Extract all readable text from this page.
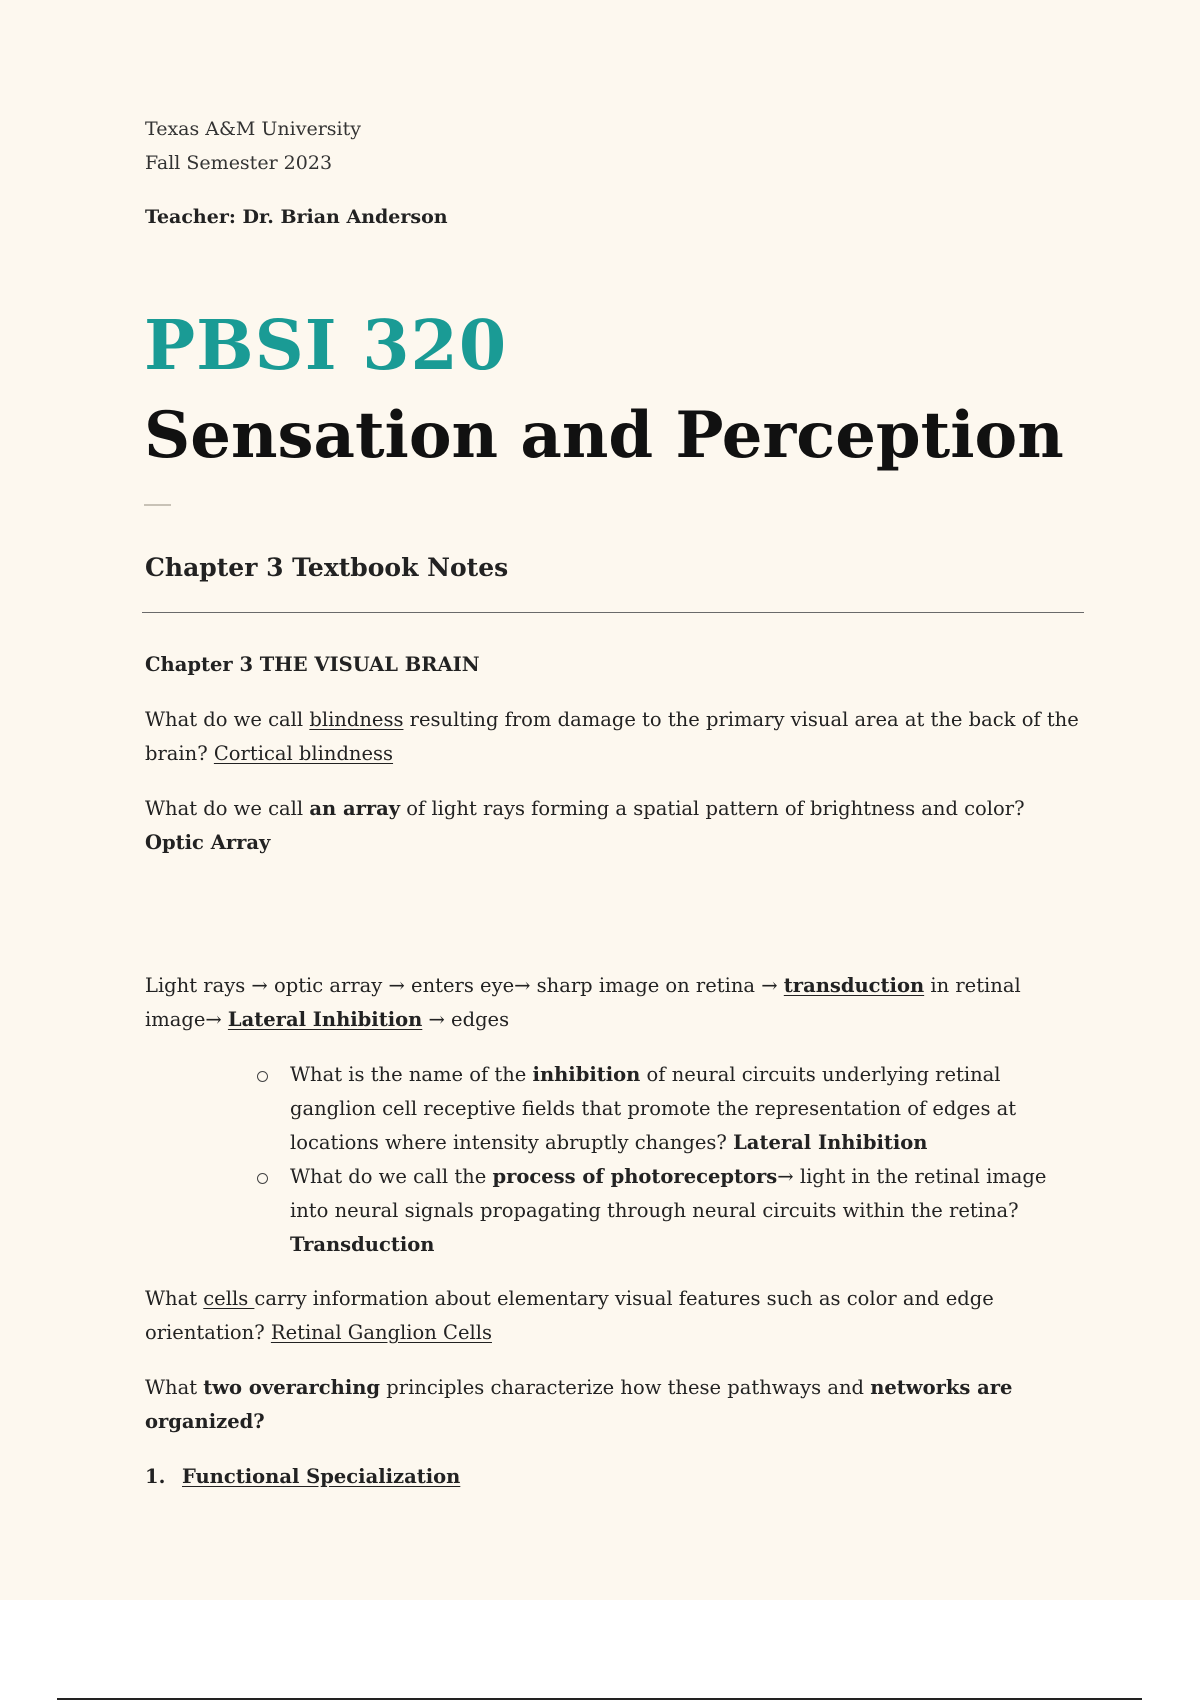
Texas A&M University
Fall Semester 2023
Teacher: Dr. Brian Anderson
PBSI 320
Sensation and Perception
Chapter 3 Textbook Notes

Chapter 3 THE VISUAL BRAIN

What do we call blindness resulting from damage to the primary visual area at the back of the brain? Cortical blindness

What do we call an array of light rays forming a spatial pattern of brightness and color? Optic Array

Light rays → optic array → enters eye→ sharp image on retina → transduction in retinal image→ Lateral Inhibition → edges

What is the name of the inhibition of neural circuits underlying retinal ganglion cell receptive fields that promote the representation of edges at locations where intensity abruptly changes? Lateral Inhibition
What do we call the process of photoreceptors→ light in the retinal image into neural signals propagating through neural circuits within the retina? Transduction

What cells carry information about elementary visual features such as color and edge orientation? Retinal Ganglion Cells

What two overarching principles characterize how these pathways and networks are organized?

1. Functional Specialization
